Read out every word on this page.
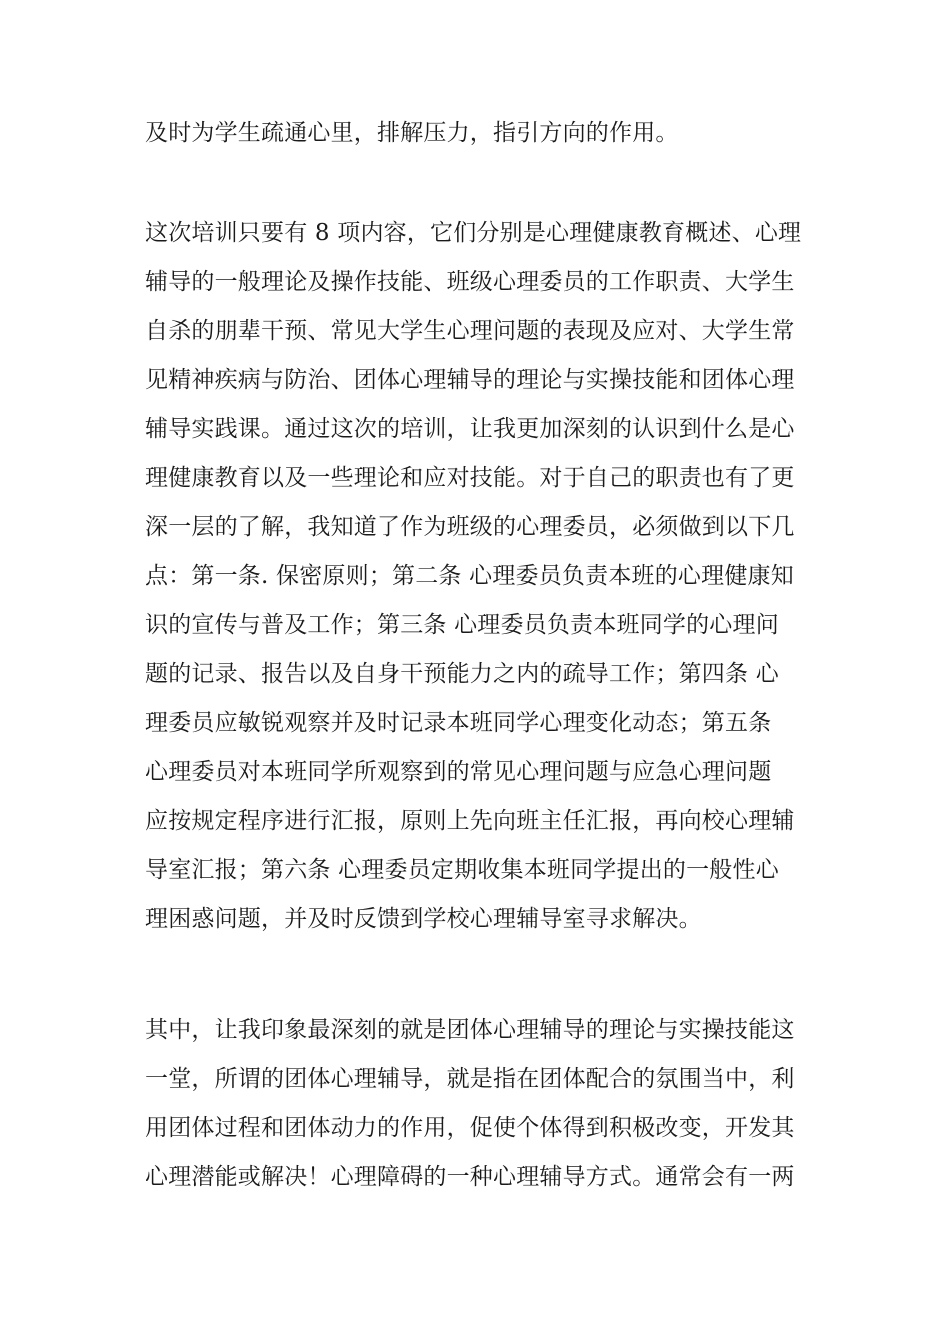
及时为学生疏通心里，排解压力，指引方向的作用。
这次培训只要有 8 项内容，它们分别是心理健康教育概述、心理
辅导的一般理论及操作技能、班级心理委员的工作职责、大学生
自杀的朋辈干预、常见大学生心理问题的表现及应对、大学生常
见精神疾病与防治、团体心理辅导的理论与实操技能和团体心理
辅导实践课。通过这次的培训，让我更加深刻的认识到什么是心
理健康教育以及一些理论和应对技能。对于自己的职责也有了更
深一层的了解，我知道了作为班级的心理委员，必须做到以下几
点：第一条. 保密原则；第二条 心理委员负责本班的心理健康知
识的宣传与普及工作；第三条 心理委员负责本班同学的心理问
题的记录、报告以及自身干预能力之内的疏导工作；第四条 心
理委员应敏锐观察并及时记录本班同学心理变化动态；第五条
心理委员对本班同学所观察到的常见心理问题与应急心理问题
应按规定程序进行汇报，原则上先向班主任汇报，再向校心理辅
导室汇报；第六条 心理委员定期收集本班同学提出的一般性心
理困惑问题，并及时反馈到学校心理辅导室寻求解决。
其中，让我印象最深刻的就是团体心理辅导的理论与实操技能这
一堂，所谓的团体心理辅导，就是指在团体配合的氛围当中，利
用团体过程和团体动力的作用，促使个体得到积极改变，开发其
心理潜能或解决！心理障碍的一种心理辅导方式。通常会有一两
